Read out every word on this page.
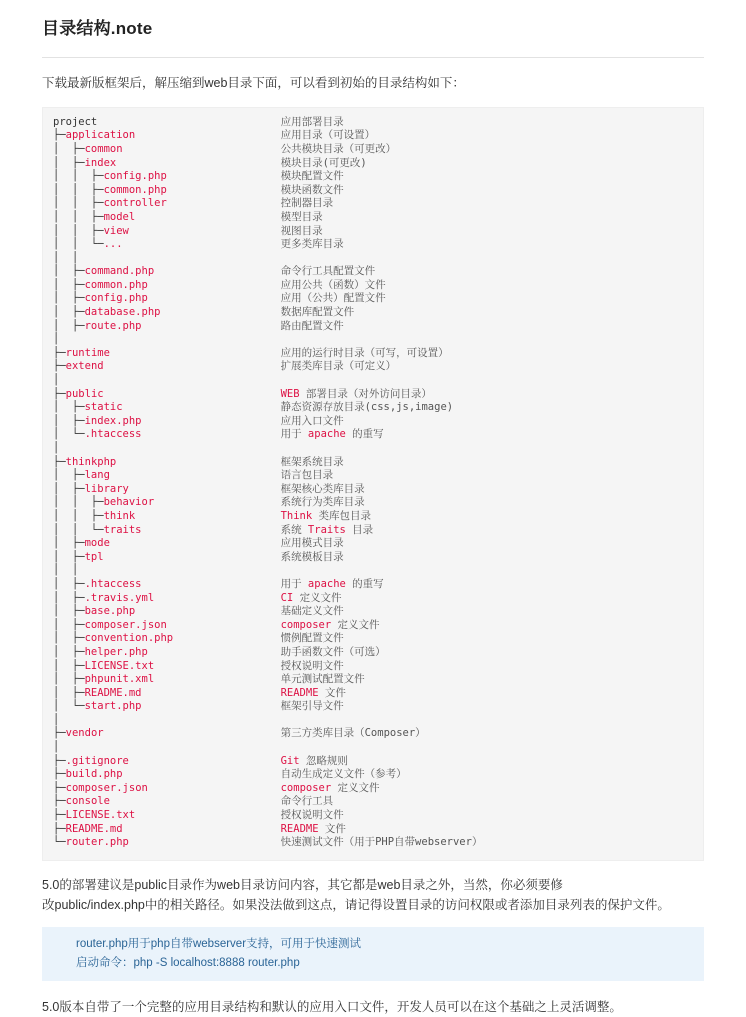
目录结构.note

下载最新版框架后，解压缩到web目录下面，可以看到初始的目录结构如下：

project	应用部署目录
├─application	应用目录（可设置）
│  ├─common	公共模块目录（可更改）
│  ├─index	模块目录(可更改)
│  │  ├─config.php	模块配置文件
│  │  ├─common.php	模块函数文件
│  │  ├─controller	控制器目录
│  │  ├─model	模型目录
│  │  ├─view	视图目录
│  │  └─...	更多类库目录
│  │
│  ├─command.php	命令行工具配置文件
│  ├─common.php	应用公共（函数）文件
│  ├─config.php	应用（公共）配置文件
│  ├─database.php	数据库配置文件
│  ├─route.php	路由配置文件
│
├─runtime	应用的运行时目录（可写，可设置）
├─extend	扩展类库目录（可定义）
│
├─public	WEB 部署目录（对外访问目录）
│  ├─static	静态资源存放目录(css,js,image)
│  ├─index.php	应用入口文件
│  └─.htaccess	用于 apache 的重写
│
├─thinkphp	框架系统目录
│  ├─lang	语言包目录
│  ├─library	框架核心类库目录
│  │  ├─behavior	系统行为类库目录
│  │  ├─think	Think 类库包目录
│  │  └─traits	系统 Traits 目录
│  ├─mode	应用模式目录
│  ├─tpl	系统模板目录
│  │
│  ├─.htaccess	用于 apache 的重写
│  ├─.travis.yml	CI 定义文件
│  ├─base.php	基础定义文件
│  ├─composer.json	composer 定义文件
│  ├─convention.php	惯例配置文件
│  ├─helper.php	助手函数文件（可选）
│  ├─LICENSE.txt	授权说明文件
│  ├─phpunit.xml	单元测试配置文件
│  ├─README.md	README 文件
│  └─start.php	框架引导文件
│
├─vendor	第三方类库目录（Composer）
│
├─.gitignore	Git 忽略规则
├─build.php	自动生成定义文件（参考）
├─composer.json	composer 定义文件
├─console	命令行工具
├─LICENSE.txt	授权说明文件
├─README.md	README 文件
└─router.php	快速测试文件（用于PHP自带webserver）

5.0的部署建议是public目录作为web目录访问内容，其它都是web目录之外，当然，你必须要修
改public/index.php中的相关路径。如果没法做到这点，请记得设置目录的访问权限或者添加目录列表的保护文件。

router.php用于php自带webserver支持，可用于快速测试
启动命令：php -S localhost:8888 router.php

5.0版本自带了一个完整的应用目录结构和默认的应用入口文件，开发人员可以在这个基础之上灵活调整。
